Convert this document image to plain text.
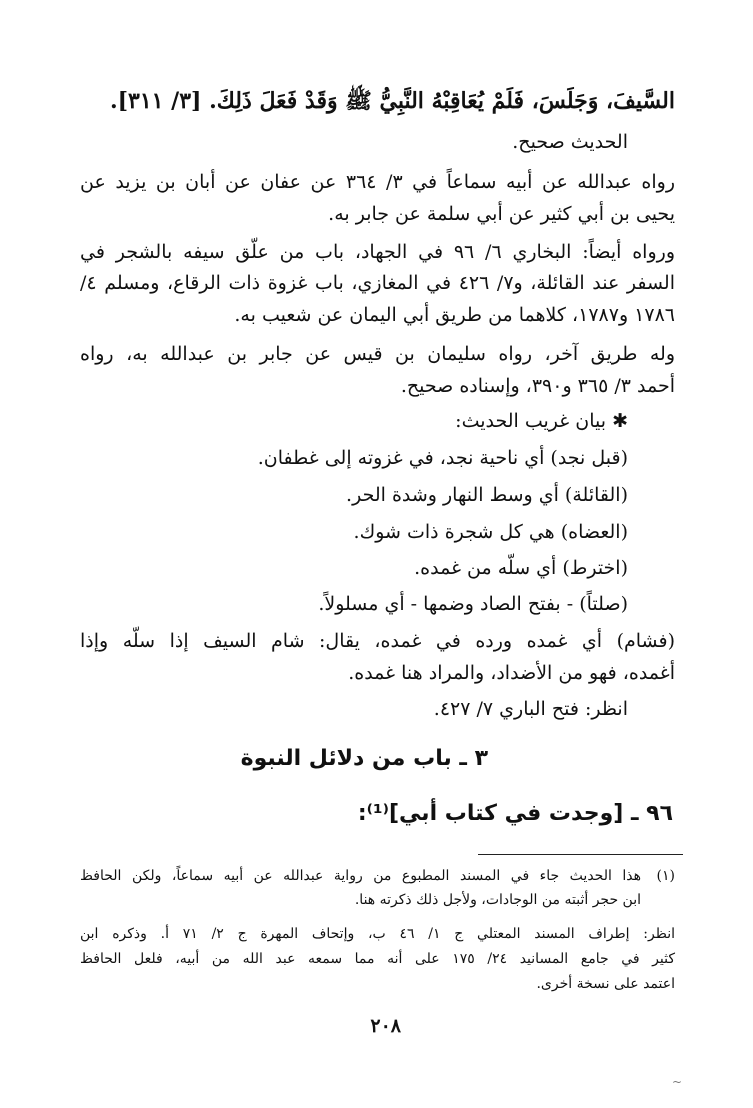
السَّيفَ، وَجَلَسَ، فَلَمْ يُعَاقِبْهُ النَّبِيُّ ﷺ وَقَدْ فَعَلَ ذَلِكَ. [٣/ ٣١١].
الحديث صحيح.
رواه عبدالله عن أبيه سماعاً في ٣/ ٣٦٤ عن عفان عن أبان بن يزيد عن
يحيى بن أبي كثير عن أبي سلمة عن جابر به.
ورواه أيضاً: البخاري ٦/ ٩٦ في الجهاد، باب من علّق سيفه بالشجر في
السفر عند القائلة، و٧/ ٤٢٦ في المغازي، باب غزوة ذات الرقاع، ومسلم ٤/
١٧٨٦ و١٧٨٧، كلاهما من طريق أبي اليمان عن شعيب به.
وله طريق آخر، رواه سليمان بن قيس عن جابر بن عبدالله به، رواه
أحمد ٣/ ٣٦٥ و٣٩٠، وإسناده صحيح.
✱ بيان غريب الحديث:
(قبل نجد) أي ناحية نجد، في غزوته إلى غطفان.
(القائلة) أي وسط النهار وشدة الحر.
(العضاه) هي كل شجرة ذات شوك.
(اخترط) أي سلّه من غمده.
(صلتاً) - بفتح الصاد وضمها - أي مسلولاً.
(فشام) أي غمده ورده في غمده، يقال: شام السيف إذا سلّه وإذا
أغمده، فهو من الأضداد، والمراد هنا غمده.
انظر: فتح الباري ٧/ ٤٢٧.
٣ ـ باب من دلائل النبوة
٩٦ ـ [وجدت في كتاب أبي]⁽¹⁾:
(١)
هذا الحديث جاء في المسند المطبوع من رواية عبدالله عن أبيه سماعاً، ولكن الحافظ
ابن حجر أثبته من الوجادات، ولأجل ذلك ذكرته هنا.
انظر: إطراف المسند المعتلي ج ١/ ٤٦ ب، وإتحاف المهرة ج ٢/ ٧١ أ. وذكره ابن
كثير في جامع المسانيد ٢٤/ ١٧٥ على أنه مما سمعه عبد الله من أبيه، فلعل الحافظ
اعتمد على نسخة أخرى.
٢٠٨
~
